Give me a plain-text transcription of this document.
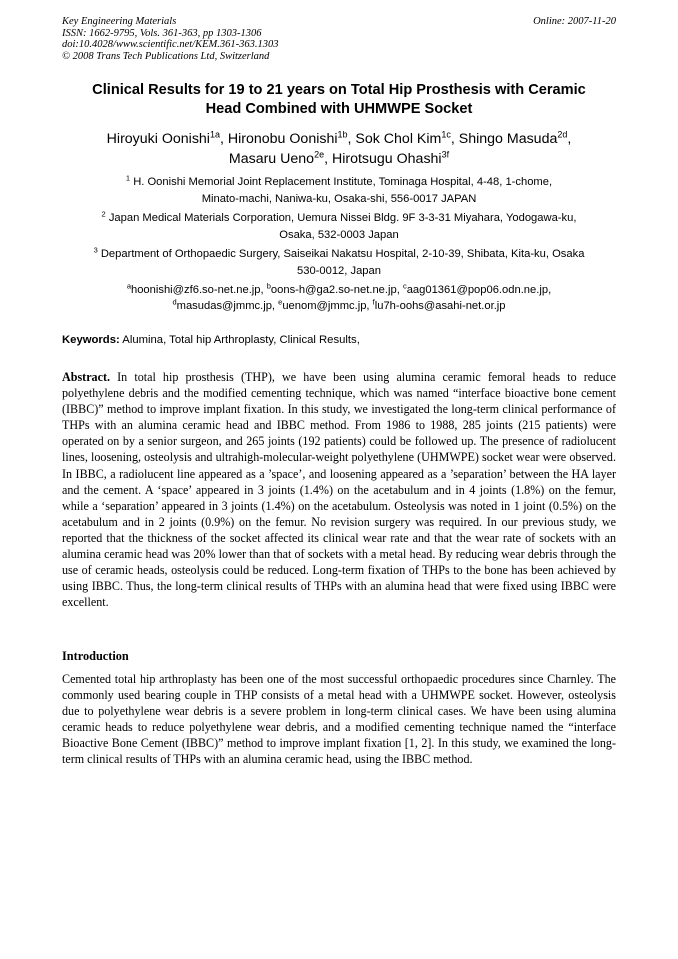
Key Engineering Materials
ISSN: 1662-9795, Vols. 361-363, pp 1303-1306
doi:10.4028/www.scientific.net/KEM.361-363.1303
© 2008 Trans Tech Publications Ltd, Switzerland
Online: 2007-11-20
Clinical Results for 19 to 21 years on Total Hip Prosthesis with Ceramic
Head Combined with UHMWPE Socket
Hiroyuki Oonishi$^{1a}$, Hironobu Oonishi$^{1b}$, Sok Chol Kim$^{1c}$, Shingo Masuda$^{2d}$,
Masaru Ueno$^{2e}$, Hirotsugu Ohashi$^{3f}$
$^1$ H. Oonishi Memorial Joint Replacement Institute, Tominaga Hospital, 4-48, 1-chome,
Minato-machi, Naniwa-ku, Osaka-shi, 556-0017 JAPAN
$^2$ Japan Medical Materials Corporation, Uemura Nissei Bldg. 9F 3-3-31 Miyahara, Yodogawa-ku,
Osaka, 532-0003 Japan
$^3$ Department of Orthopaedic Surgery, Saiseikai Nakatsu Hospital, 2-10-39, Shibata, Kita-ku, Osaka
530-0012, Japan
$^a$hoonishi@zf6.so-net.ne.jp, $^b$oons-h@ga2.so-net.ne.jp, $^c$aag01361@pop06.odn.ne.jp,
$^d$masudas@jmmc.jp, $^e$uenom@jmmc.jp, $^f$lu7h-oohs@asahi-net.or.jp
Keywords: Alumina, Total hip Arthroplasty, Clinical Results,
Abstract. In total hip prosthesis (THP), we have been using alumina ceramic femoral heads to reduce polyethylene debris and the modified cementing technique, which was named “interface bioactive bone cement (IBBC)” method to improve implant fixation. In this study, we investigated the long-term clinical performance of THPs with an alumina ceramic head and IBBC method. From 1986 to 1988, 285 joints (215 patients) were operated on by a senior surgeon, and 265 joints (192 patients) could be followed up. The presence of radiolucent lines, loosening, osteolysis and ultrahigh-molecular-weight polyethylene (UHMWPE) socket wear were observed. In IBBC, a radiolucent line appeared as a ’space’, and loosening appeared as a ’separation’ between the HA layer and the cement. A ‘space’ appeared in 3 joints (1.4%) on the acetabulum and in 4 joints (1.8%) on the femur, while a ‘separation’ appeared in 3 joints (1.4%) on the acetabulum. Osteolysis was noted in 1 joint (0.5%) on the acetabulum and in 2 joints (0.9%) on the femur. No revision surgery was required. In our previous study, we reported that the thickness of the socket affected its clinical wear rate and that the wear rate of sockets with an alumina ceramic head was 20% lower than that of sockets with a metal head. By reducing wear debris through the use of ceramic heads, osteolysis could be reduced. Long-term fixation of THPs to the bone has been achieved by using IBBC. Thus, the long-term clinical results of THPs with an alumina head that were fixed using IBBC were excellent.
Introduction
Cemented total hip arthroplasty has been one of the most successful orthopaedic procedures since Charnley. The commonly used bearing couple in THP consists of a metal head with a UHMWPE socket. However, osteolysis due to polyethylene wear debris is a severe problem in long-term clinical cases. We have been using alumina ceramic heads to reduce polyethylene wear debris, and a modified cementing technique named the “interface Bioactive Bone Cement (IBBC)” method to improve implant fixation [1, 2]. In this study, we examined the long-term clinical results of THPs with an alumina ceramic head, using the IBBC method.
